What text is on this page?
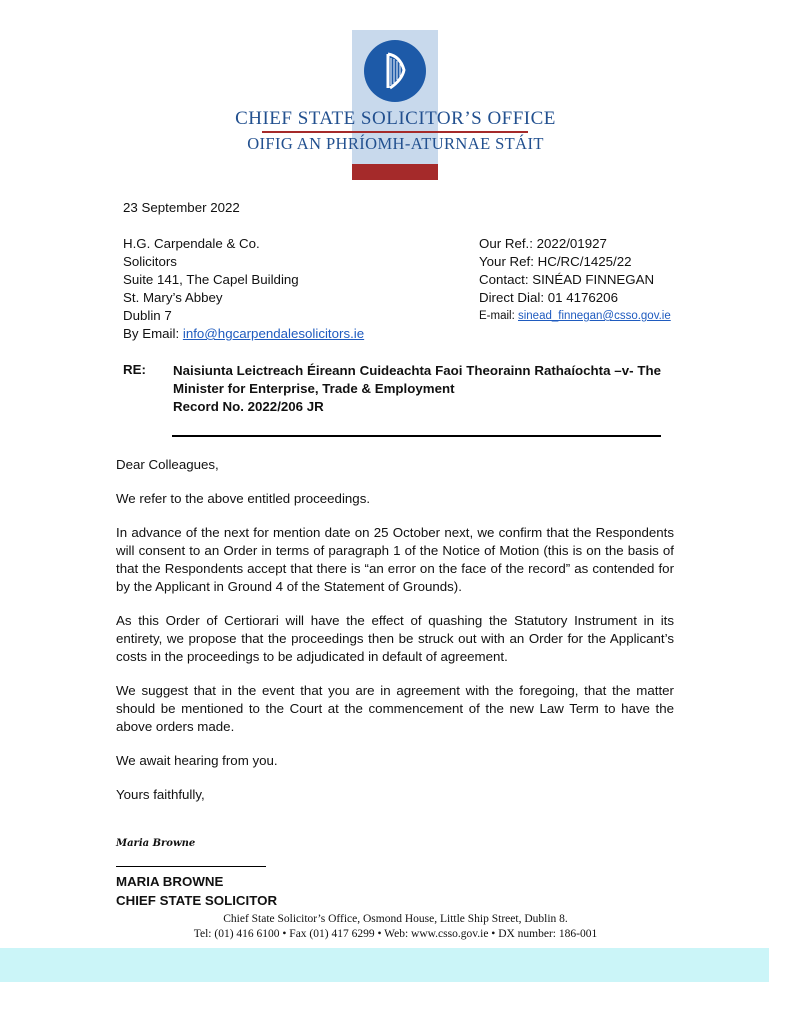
CHIEF STATE SOLICITOR’S OFFICE
OIFIG AN PHRÍOMH-ATURNAE STÁIT
23 September 2022
H.G. Carpendale & Co.
Solicitors
Suite 141, The Capel Building
St. Mary’s Abbey
Dublin 7
By Email: info@hgcarpendalesolicitors.ie
Our Ref.: 2022/01927
Your Ref: HC/RC/1425/22
Contact: SINÉAD FINNEGAN
Direct Dial: 01 4176206
E-mail: sinead_finnegan@csso.gov.ie
RE: Naisiunta Leictreach Éireann Cuideachta Faoi Theorainn Rathaíochta –v- The Minister for Enterprise, Trade & Employment
Record No. 2022/206 JR

Dear Colleagues,

We refer to the above entitled proceedings.

In advance of the next for mention date on 25 October next, we confirm that the Respondents will consent to an Order in terms of paragraph 1 of the Notice of Motion (this is on the basis of that the Respondents accept that there is “an error on the face of the record” as contended for by the Applicant in Ground 4 of the Statement of Grounds).

As this Order of Certiorari will have the effect of quashing the Statutory Instrument in its entirety, we propose that the proceedings then be struck out with an Order for the Applicant’s costs in the proceedings to be adjudicated in default of agreement.

We suggest that in the event that you are in agreement with the foregoing, that the matter should be mentioned to the Court at the commencement of the new Law Term to have the above orders made.

We await hearing from you.

Yours faithfully,

Maria Browne
MARIA BROWNE
CHIEF STATE SOLICITOR
Chief State Solicitor’s Office, Osmond House, Little Ship Street, Dublin 8.
Tel: (01) 416 6100 • Fax (01) 417 6299 • Web: www.csso.gov.ie • DX number: 186-001
